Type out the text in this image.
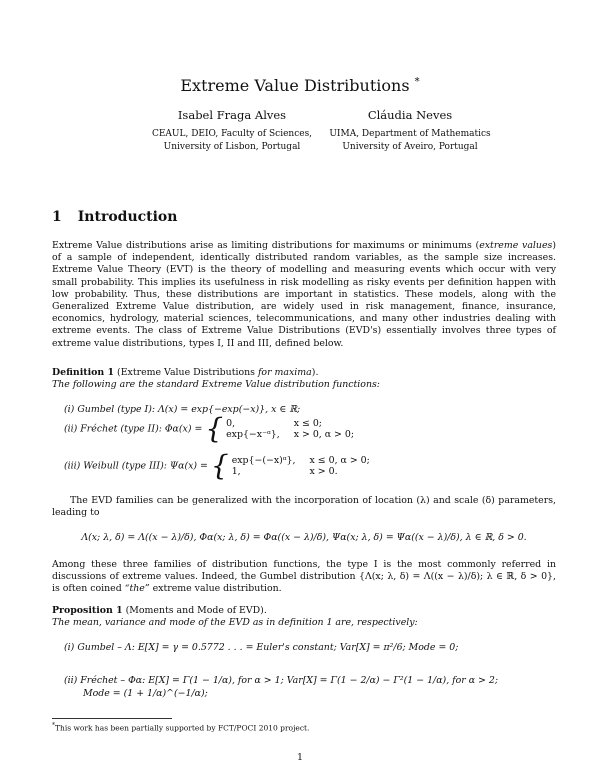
Extreme Value Distributions *
Isabel Fraga Alves
CEAUL, DEIO, Faculty of Sciences,
University of Lisbon, Portugal
Cláudia Neves
UIMA, Department of Mathematics
University of Aveiro, Portugal
1 Introduction

Extreme Value distributions arise as limiting distributions for maximums or minimums (extreme values) of a sample of independent, identically distributed random variables, as the sample size increases. Extreme Value Theory (EVT) is the theory of modelling and measuring events which occur with very small probability. This implies its usefulness in risk modelling as risky events per definition happen with low probability. Thus, these distributions are important in statistics. These models, along with the Generalized Extreme Value distribution, are widely used in risk management, finance, insurance, economics, hydrology, material sciences, telecommunications, and many other industries dealing with extreme events. The class of Extreme Value Distributions (EVD's) essentially involves three types of extreme value distributions, types I, II and III, defined below.

Definition 1 (Extreme Value Distributions for maxima).

The following are the standard Extreme Value distribution functions:

(i) Gumbel (type I): Λ(x) = exp{−exp(−x)}, x ∈ ℝ;
(ii) Fréchet (type II): Φα(x) = { 0,	x ≤ 0;
exp{−x⁻ᵅ}, x > 0, α > 0;
(iii) Weibull (type III): Ψα(x) = { exp{−(−x)ᵅ}, x ≤ 0, α > 0;
1,	x > 0.

The EVD families can be generalized with the incorporation of location (λ) and scale (δ) parameters, leading to

Λ(x; λ, δ) = Λ((x − λ)/δ), Φα(x; λ, δ) = Φα((x − λ)/δ), Ψα(x; λ, δ) = Ψα((x − λ)/δ), λ ∈ ℝ, δ > 0.

Among these three families of distribution functions, the type I is the most commonly referred in discussions of extreme values. Indeed, the Gumbel distribution {Λ(x; λ, δ) = Λ((x − λ)/δ); λ ∈ ℝ, δ > 0}, is often coined “the” extreme value distribution.

Proposition 1 (Moments and Mode of EVD).

The mean, variance and mode of the EVD as in definition 1 are, respectively:

(i) Gumbel – Λ: E[X] = γ = 0.5772 . . . = Euler's constant; Var[X] = π²/6; Mode = 0;
(ii) Fréchet – Φα: E[X] = Γ(1 − 1/α), for α > 1; Var[X] = Γ(1 − 2/α) − Γ²(1 − 1/α), for α > 2;
Mode = (1 + 1/α)^(−1/α);
*This work has been partially supported by FCT/POCI 2010 project.
1
